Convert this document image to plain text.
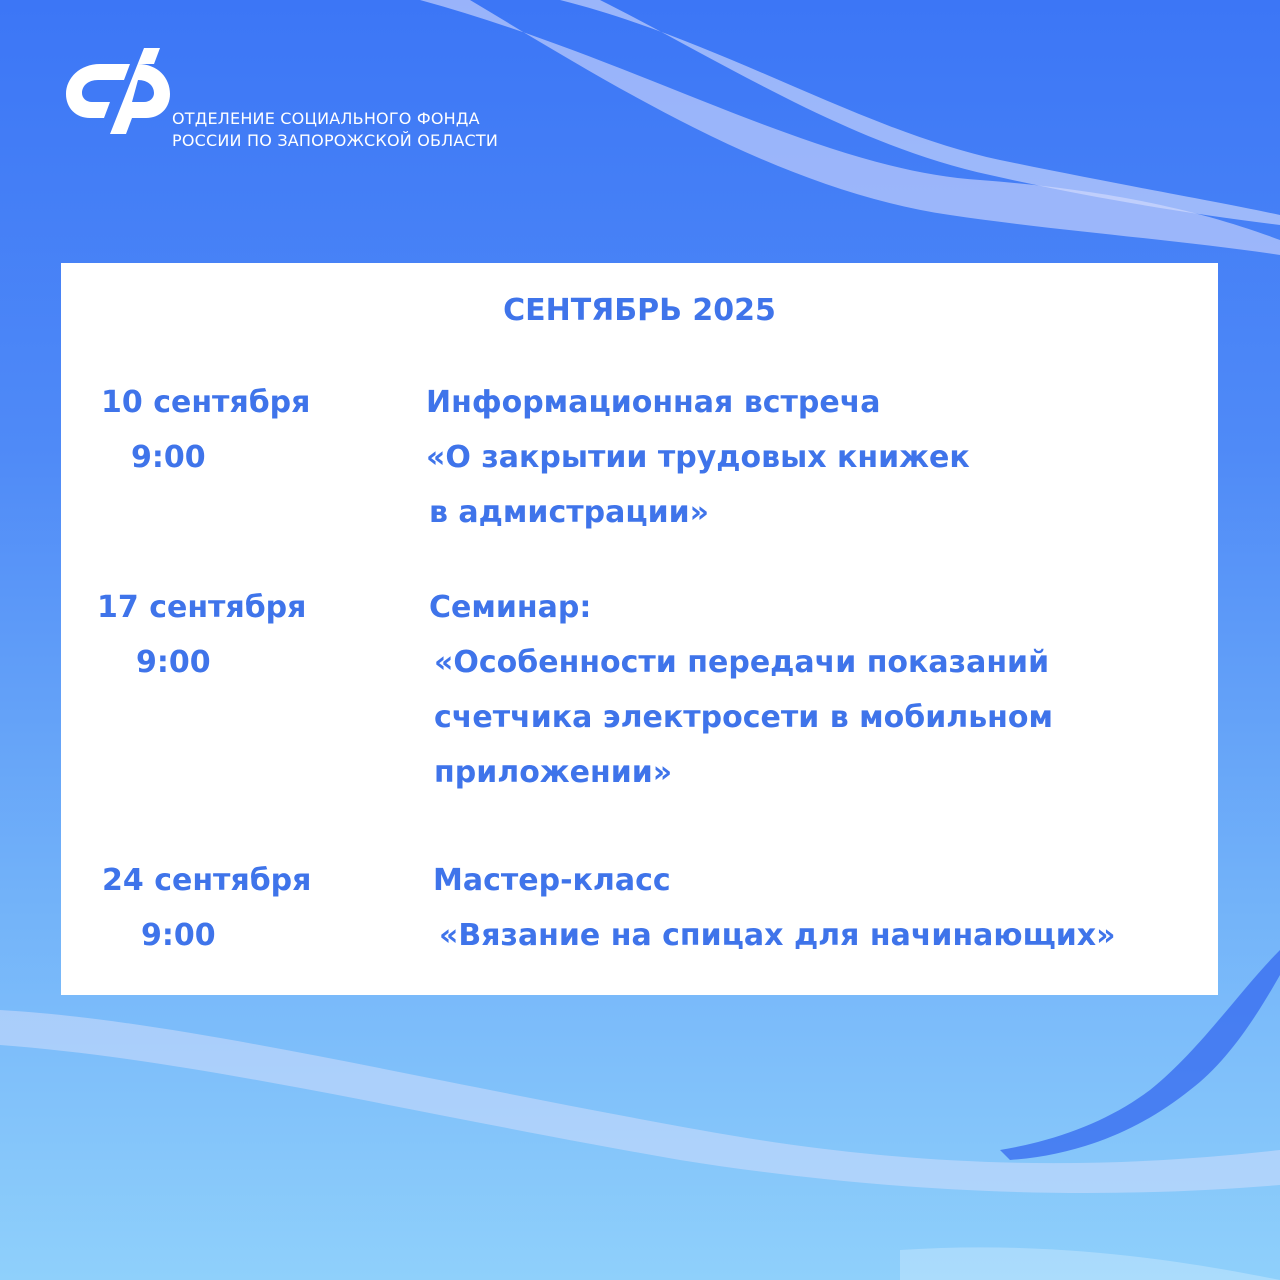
ОТДЕЛЕНИЕ СОЦИАЛЬНОГО ФОНДА
РОССИИ ПО ЗАПОРОЖСКОЙ ОБЛАСТИ
СЕНТЯБРЬ 2025
10 сентября
9:00
Информационная встреча
«О закрытии трудовых книжек
в адмистрации»
17 сентября
9:00
Семинар:
«Особенности передачи показаний
счетчика электросети в мобильном
приложении»
24 сентября
9:00
Мастер-класс
«Вязание на спицах для начинающих»
